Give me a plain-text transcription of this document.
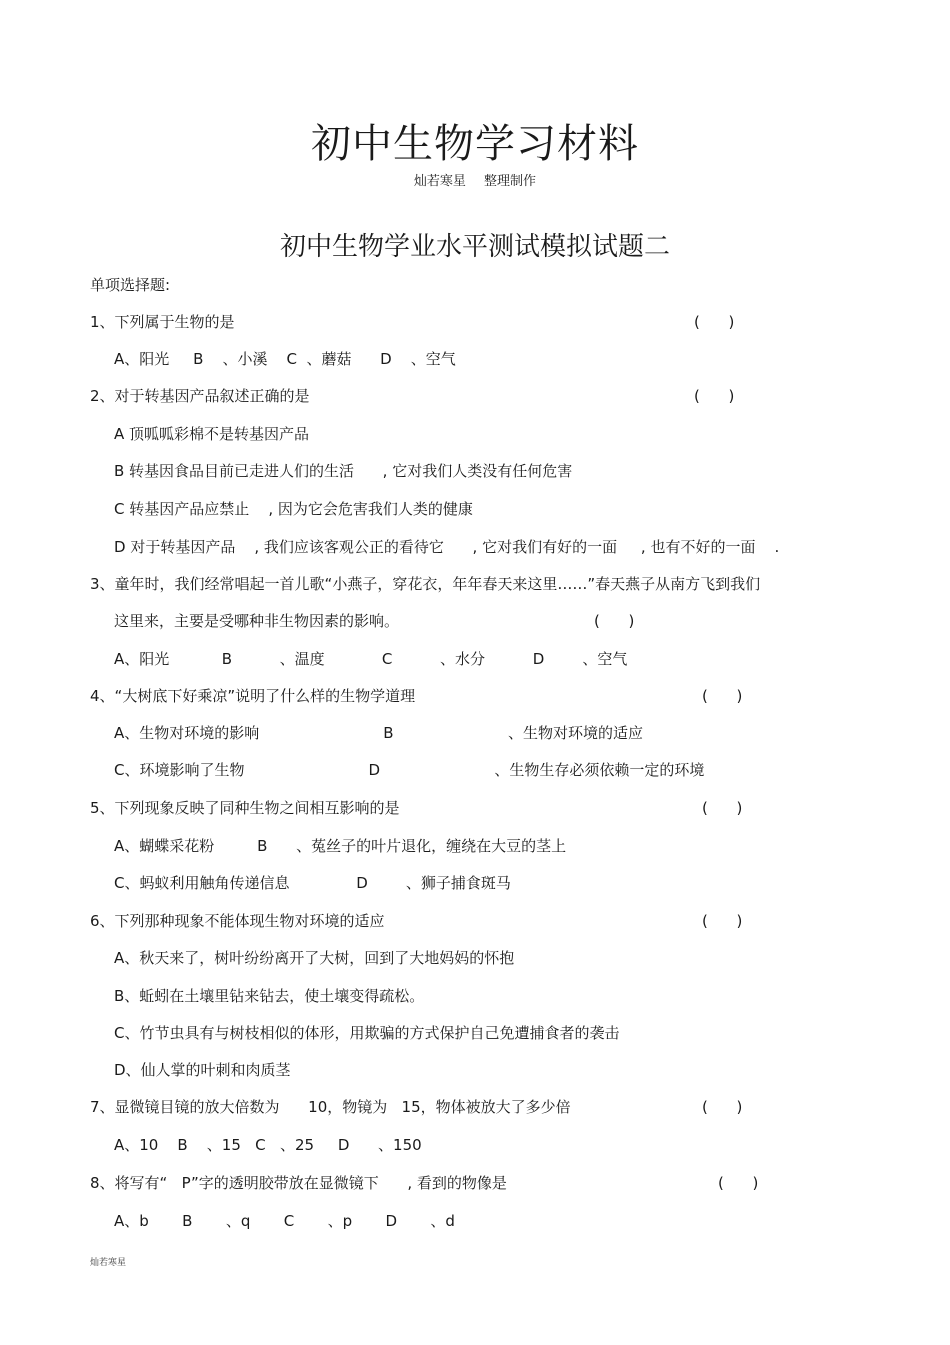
初中生物学习材料
灿若寒星 整理制作
初中生物学业水平测试模拟试题二
单项选择题:
1、下列属于生物的是	(      )
A、阳光     B    、小溪    C  、蘑菇      D    、空气
2、对于转基因产品叙述正确的是	(      )
A 顶呱呱彩棉不是转基因产品
B 转基因食品目前已走进人们的生活      , 它对我们人类没有任何危害
C 转基因产品应禁止    , 因为它会危害我们人类的健康
D 对于转基因产品    , 我们应该客观公正的看待它      , 它对我们有好的一面     , 也有不好的一面    .
3、童年时，我们经常唱起一首儿歌“小燕子，穿花衣，年年春天来这里……”春天燕子从南方飞到我们
这里来，主要是受哪种非生物因素的影响。	(      )
A、阳光           B          、温度            C          、水分          D        、空气
4、“大树底下好乘凉”说明了什么样的生物学道理	(      )
A、生物对环境的影响                          B                        、生物对环境的适应
C、环境影响了生物                          D                        、生物生存必须依赖一定的环境
5、下列现象反映了同种生物之间相互影响的是	(      )
A、蝴蝶采花粉         B      、菟丝子的叶片退化，缠绕在大豆的茎上
C、蚂蚁利用触角传递信息              D        、狮子捕食斑马
6、下列那种现象不能体现生物对环境的适应	(      )
A、秋天来了，树叶纷纷离开了大树，回到了大地妈妈的怀抱
B、蚯蚓在土壤里钻来钻去，使土壤变得疏松。
C、竹节虫具有与树枝相似的体形，用欺骗的方式保护自己免遭捕食者的袭击
D、仙人掌的叶刺和肉质茎
7、显微镜目镜的放大倍数为      10，物镜为   15，物体被放大了多少倍	(      )
A、10    B    、15   C   、25     D      、150
8、将写有“   P”字的透明胶带放在显微镜下      , 看到的物像是	(      )
A、b       B       、q       C       、p       D       、d
灿若寒星
